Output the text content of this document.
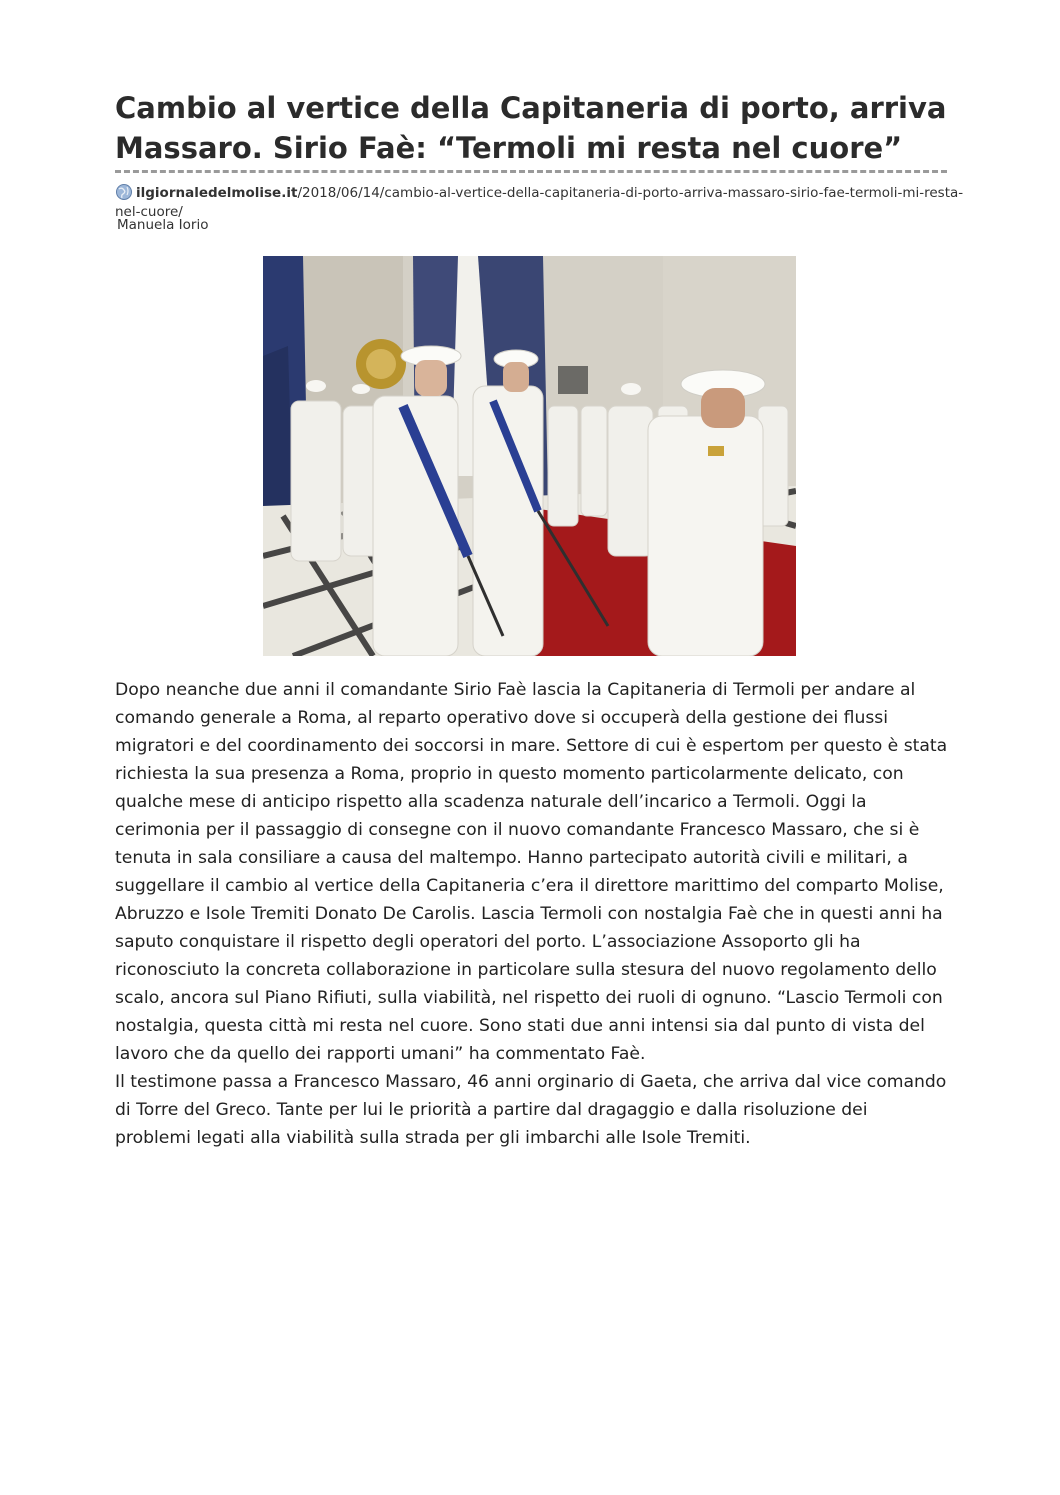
Cambio al vertice della Capitaneria di porto, arriva
Massaro. Sirio Faè: “Termoli mi resta nel cuore”
ilgiornaledelmolise.it/2018/06/14/cambio-al-vertice-della-capitaneria-di-porto-arriva-massaro-sirio-fae-termoli-mi-resta-
nel-cuore/
Manuela Iorio

Dopo neanche due anni il comandante Sirio Faè lascia la Capitaneria di Termoli per andare al
comando generale a Roma, al reparto operativo dove si occuperà della gestione dei flussi
migratori e del coordinamento dei soccorsi in mare. Settore di cui è espertom per questo è stata
richiesta la sua presenza a Roma, proprio in questo momento particolarmente delicato, con
qualche mese di anticipo rispetto alla scadenza naturale dell’incarico a Termoli. Oggi la
cerimonia per il passaggio di consegne con il nuovo comandante Francesco Massaro, che si è
tenuta in sala consiliare a causa del maltempo. Hanno partecipato autorità civili e militari, a
suggellare il cambio al vertice della Capitaneria c’era il direttore marittimo del comparto Molise,
Abruzzo e Isole Tremiti Donato De Carolis. Lascia Termoli con nostalgia Faè che in questi anni ha
saputo conquistare il rispetto degli operatori del porto. L’associazione Assoporto gli ha
riconosciuto la concreta collaborazione in particolare sulla stesura del nuovo regolamento dello
scalo, ancora sul Piano Rifiuti, sulla viabilità, nel rispetto dei ruoli di ognuno. “Lascio Termoli con
nostalgia, questa città mi resta nel cuore. Sono stati due anni intensi sia dal punto di vista del
lavoro che da quello dei rapporti umani” ha commentato Faè.

Il testimone passa a Francesco Massaro, 46 anni orginario di Gaeta, che arriva dal vice comando
di Torre del Greco. Tante per lui le priorità a partire dal dragaggio e dalla risoluzione dei
problemi legati alla viabilità sulla strada per gli imbarchi alle Isole Tremiti.
